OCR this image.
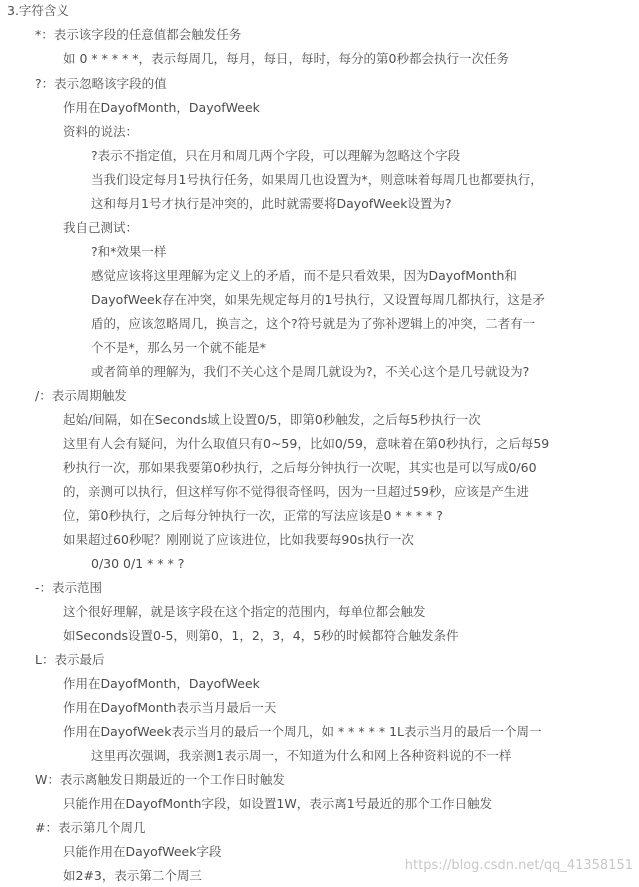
3.字符含义
*：表示该字段的任意值都会触发任务
如 0 * * * * *，表示每周几，每月，每日，每时，每分的第0秒都会执行一次任务
?：表示忽略该字段的值
作用在DayofMonth，DayofWeek
资料的说法：
?表示不指定值，只在月和周几两个字段，可以理解为忽略这个字段
当我们设定每月1号执行任务，如果周几也设置为*，则意味着每周几也都要执行，
这和每月1号才执行是冲突的，此时就需要将DayofWeek设置为?
我自己测试：
?和*效果一样
感觉应该将这里理解为定义上的矛盾，而不是只看效果，因为DayofMonth和
DayofWeek存在冲突，如果先规定每月的1号执行，又设置每周几都执行，这是矛
盾的，应该忽略周几，换言之，这个?符号就是为了弥补逻辑上的冲突，二者有一
个不是*，那么另一个就不能是*
或者简单的理解为，我们不关心这个是周几就设为?，不关心这个是几号就设为?
/：表示周期触发
起始/间隔，如在Seconds域上设置0/5，即第0秒触发，之后每5秒执行一次
这里有人会有疑问，为什么取值只有0~59，比如0/59，意味着在第0秒执行，之后每59
秒执行一次，那如果我要第0秒执行，之后每分钟执行一次呢，其实也是可以写成0/60
的，亲测可以执行，但这样写你不觉得很奇怪吗，因为一旦超过59秒，应该是产生进
位，第0秒执行，之后每分钟执行一次，正常的写法应该是0 * * * * ?
如果超过60秒呢？刚刚说了应该进位，比如我要每90s执行一次
0/30 0/1 * * * ?
-：表示范围
这个很好理解，就是该字段在这个指定的范围内，每单位都会触发
如Seconds设置0-5，则第0，1，2，3，4，5秒的时候都符合触发条件
L：表示最后
作用在DayofMonth，DayofWeek
作用在DayofMonth表示当月最后一天
作用在DayofWeek表示当月的最后一个周几，如 * * * * * 1L表示当月的最后一个周一
这里再次强调，我亲测1表示周一，不知道为什么和网上各种资料说的不一样
W：表示离触发日期最近的一个工作日时触发
只能作用在DayofMonth字段，如设置1W，表示离1号最近的那个工作日触发
#：表示第几个周几
只能作用在DayofWeek字段
如2#3，表示第二个周三
https://blog.csdn.net/qq_41358151
